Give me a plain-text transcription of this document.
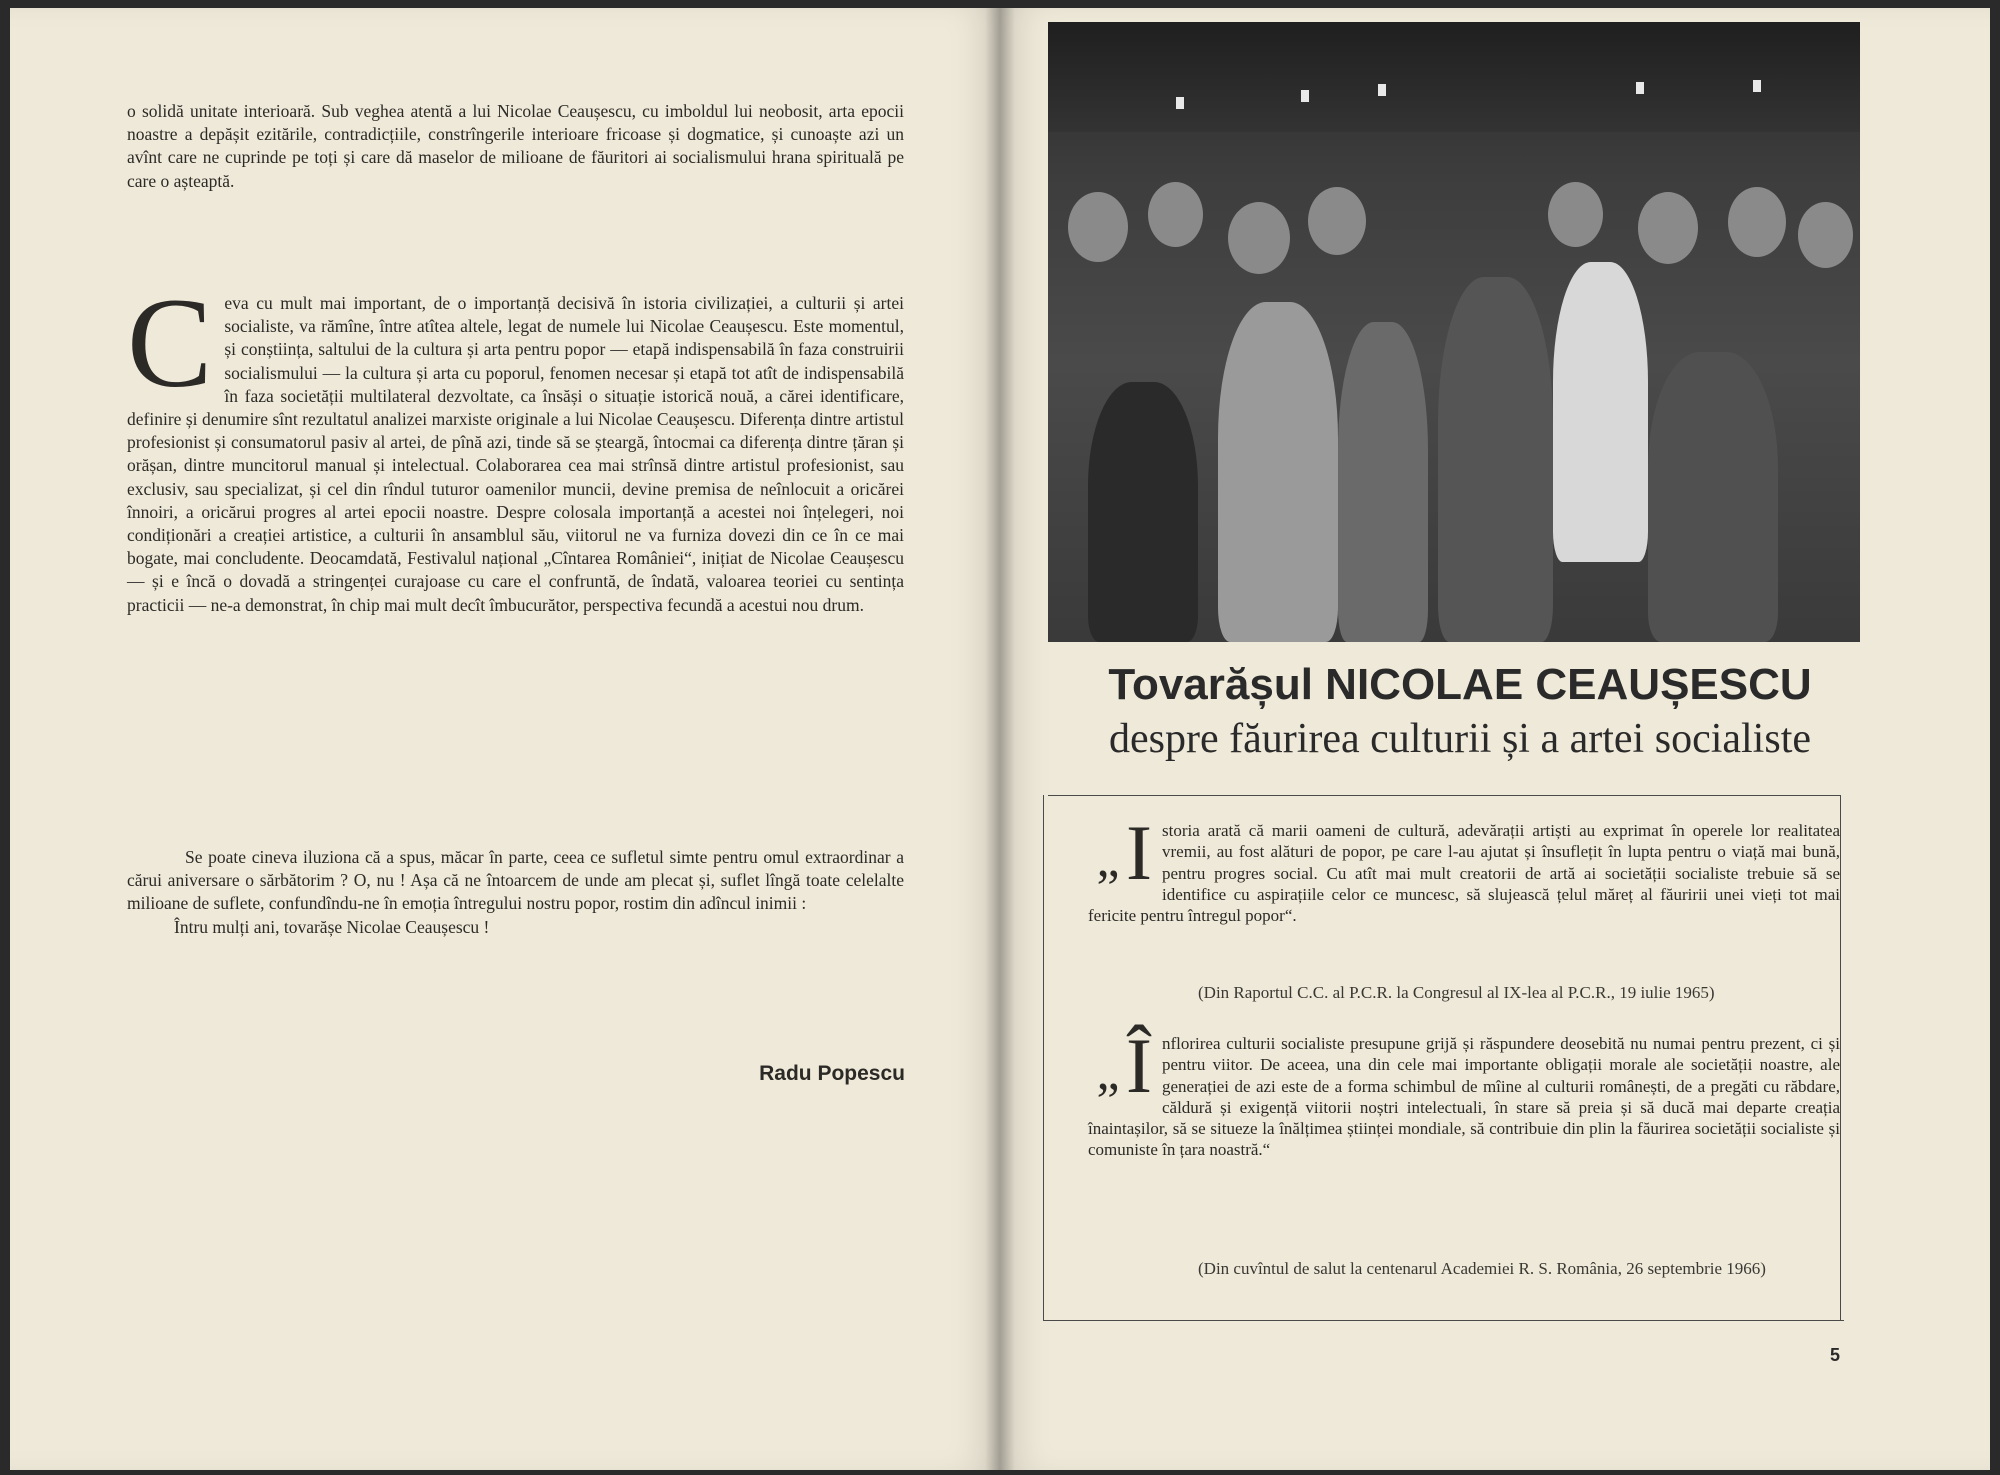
o solidă unitate interioară. Sub veghea atentă a lui Nicolae Ceaușescu, cu imboldul lui neobosit, arta epocii noastre a depășit ezitările, contradicțiile, constrîngerile interioare fricoase și dogmatice, și cunoaște azi un avînt care ne cuprinde pe toți și care dă maselor de milioane de făuritori ai socialismului hrana spirituală pe care o așteaptă.
Ceva cu mult mai important, de o importanță decisivă în istoria civilizației, a culturii și artei socialiste, va rămîne, între atîtea altele, legat de numele lui Nicolae Ceaușescu. Este momentul, și conștiința, saltului de la cultura și arta pentru popor — etapă indispensabilă în faza construirii socialismului — la cultura și arta cu poporul, fenomen necesar și etapă tot atît de indispensabilă în faza societății multilateral dezvoltate, ca însăși o situație istorică nouă, a cărei identificare, definire și denumire sînt rezultatul analizei marxiste originale a lui Nicolae Ceaușescu. Diferența dintre artistul profesionist și consumatorul pasiv al artei, de pînă azi, tinde să se șteargă, întocmai ca diferența dintre țăran și orășan, dintre muncitorul manual și intelectual. Colaborarea cea mai strînsă dintre artistul profesionist, sau exclusiv, sau specializat, și cel din rîndul tuturor oamenilor muncii, devine premisa de neînlocuit a oricărei înnoiri, a oricărui progres al artei epocii noastre. Despre colosala importanță a acestei noi înțelegeri, noi condiționări a creației artistice, a culturii în ansamblul său, viitorul ne va furniza dovezi din ce în ce mai bogate, mai concludente. Deocamdată, Festivalul național „Cîntarea României“, inițiat de Nicolae Ceaușescu — și e încă o dovadă a stringenței curajoase cu care el confruntă, de îndată, valoarea teoriei cu sentința practicii — ne-a demonstrat, în chip mai mult decît îmbucurător, perspectiva fecundă a acestui nou drum.

Se poate cineva iluziona că a spus, măcar în parte, ceea ce sufletul simte pentru omul extraordinar a cărui aniversare o sărbătorim ? O, nu ! Așa că ne întoarcem de unde am plecat și, suflet lîngă toate celelalte milioane de suflete, confundîndu-ne în emoția întregului nostru popor, rostim din adîncul inimii :

Întru mulți ani, tovarășe Nicolae Ceaușescu !

Radu Popescu
Tovarășul NICOLAE CEAUȘESCU
despre făurirea culturii și a artei socialiste
„ I storia arată că marii oameni de cultură, adevărații artiști au exprimat în operele lor realitatea vremii, au fost alături de popor, pe care l-au ajutat și însuflețit în lupta pentru o viață mai bună, pentru progres social. Cu atît mai mult creatorii de artă ai societății socialiste trebuie să se identifice cu aspirațiile celor ce muncesc, să slujească țelul măreț al făuririi unei vieți tot mai fericite pentru întregul popor“.
(Din Raportul C.C. al P.C.R. la Congresul al IX-lea al P.C.R., 19 iulie 1965)
„ Î nflorirea culturii socialiste presupune grijă și răspundere deosebită nu numai pentru prezent, ci și pentru viitor. De aceea, una din cele mai importante obligații morale ale societății noastre, ale generației de azi este de a forma schimbul de mîine al culturii românești, de a pregăti cu răbdare, căldură și exigență viitorii noștri intelectuali, în stare să preia și să ducă mai departe creația înaintașilor, să se situeze la înălțimea științei mondiale, să contribuie din plin la făurirea societății socialiste și comuniste în țara noastră.“
(Din cuvîntul de salut la centenarul Academiei R. S. România, 26 septembrie 1966)
5
